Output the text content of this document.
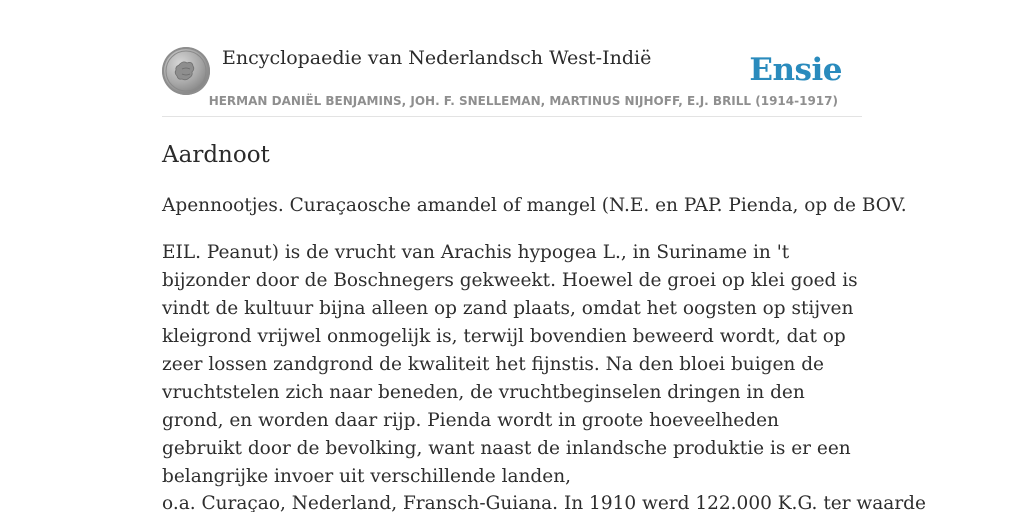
Encyclopaedie van Nederlandsch West-Indië	Ensie
HERMAN DANIËL BENJAMINS, JOH. F. SNELLEMAN, MARTINUS NIJHOFF, E.J. BRILL (1914-1917)
Aardnoot

Apennootjes. Curaçaosche amandel of mangel (N.E. en PAP. Pienda, op de BOV.

EIL. Peanut) is de vrucht van Arachis hypogea L., in Suriname in 't bijzonder door de Boschnegers gekweekt. Hoewel de groei op klei goed is vindt de kultuur bijna alleen op zand plaats, omdat het oogsten op stijven kleigrond vrijwel onmogelijk is, terwijl bovendien beweerd wordt, dat op zeer lossen zandgrond de kwaliteit het fijnstis. Na den bloei buigen de vruchtstelen zich naar beneden, de vruchtbeginselen dringen in den grond, en worden daar rijp. Pienda wordt in groote hoeveelheden gebruikt door de bevolking, want naast de inlandsche produktie is er een belangrijke invoer uit verschillende landen,

o.a. Curaçao, Nederland, Fransch-Guiana. In 1910 werd 122.000 K.G. ter waarde
